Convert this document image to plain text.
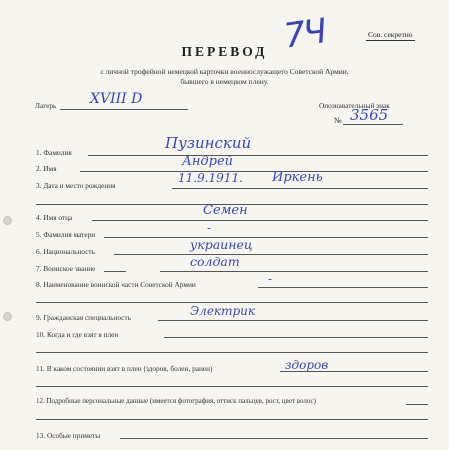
7Ч	Сов. секретно
ПЕРЕВОД
с личной трофейной немецкой карточки военнослужащего Советской Армии,
бывшего в немецком плену.
Лагерь XVIII D	Опознавательный знак
№ 3565
1. Фамилия
Пузинский
2. Имя	Андрей
3. Дата и место рождения
11.9.1911. Иркень
4. Имя отца	Семен
5. Фамилия матери	-
6. Национальность	украинец
7. Воинское звание	солдат
8. Наименование воинской части Советской Армии	-
9. Гражданская специальность	Электрик
10. Когда и где взят в плен
11. В каком состоянии взят в плен (здоров, болен, ранен)	здоров
12. Подробные персональные данные (имеется фотография, оттиск пальцев, рост, цвет волос)
13. Особые приметы
